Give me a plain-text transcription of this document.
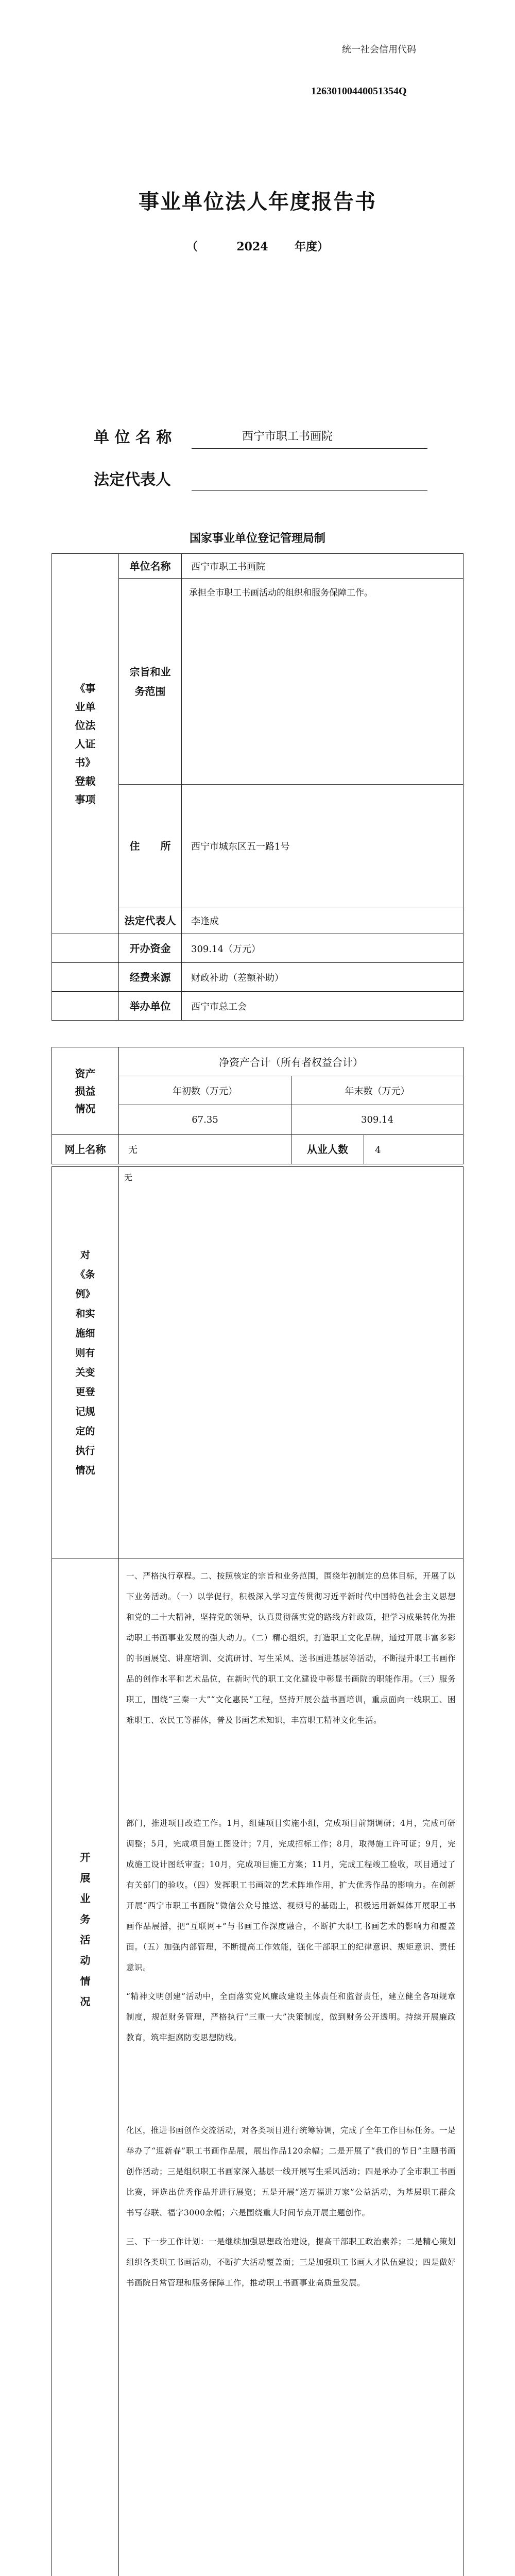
统一社会信用代码
12630100440051354Q
事业单位法人年度报告书
（	2024 年度）
单 位 名 称	西宁市职工书画院
法定代表人
国家事业单位登记管理局制
《事业单位法人证书》登载事项	单位名称	西宁市职工书画院

	宗旨和业务范围	承担全市职工书画活动的组织和服务保障工作。

	住　　所	西宁市城东区五一路1号
	法定代表人	李逢成
	开办资金	309.14（万元）
	经费来源	财政补助（差额补助）
	举办单位	西宁市总工会
资产损益情况	净资产合计（所有者权益合计）	
	年初数（万元）	年末数（万元）
	67.35	309.14
网上名称	无	从业人数 4
对《条例》和实施细则有关变更登记规定的执行情况	无

开展业务活动情况	一、严格执行章程。二、按照核定的宗旨和业务范围，围绕年初制定的总体目标，开展了以下业务活动。（一）以学促行，积极深入学习宣传贯彻习近平新时代中国特色社会主义思想和党的二十大精神，坚持党的领导，认真贯彻落实党的路线方针政策，把学习成果转化为推动职工书画事业发展的强大动力。（二）精心组织，打造职工文化品牌，通过开展丰富多彩的书画展览、讲座培训、交流研讨、写生采风、送书画进基层等活动，不断提升职工书画作品的创作水平和艺术品位，在新时代的职工文化建设中彰显书画院的职能作用。（三）服务职工，围绕“三秦一大”“文化惠民”工程，坚持开展公益书画培训，重点面向一线职工、困难职工、农民工等群体，普及书画艺术知识，丰富职工精神文化生活。
部门，推进项目改造工作。1月，组建项目实施小组，完成项目前期调研；4月，完成可研调整；5月，完成项目施工图设计；7月，完成招标工作；8月，取得施工许可证；9月，完成施工设计图纸审查；10月，完成项目施工方案；11月，完成工程竣工验收，项目通过了有关部门的验收。（四）发挥职工书画院的艺术阵地作用，扩大优秀作品的影响力。在创新开展“西宁市职工书画院”微信公众号推送、视频号的基础上，积极运用新媒体开展职工书画作品展播，把“互联网+”与书画工作深度融合，不断扩大职工书画艺术的影响力和覆盖面。（五）加强内部管理，不断提高工作效能，强化干部职工的纪律意识、规矩意识、责任意识。
“精神文明创建”活动中，全面落实党风廉政建设主体责任和监督责任，建立健全各项规章制度，规范财务管理，严格执行“三重一大”决策制度，做到财务公开透明。持续开展廉政教育，筑牢拒腐防变思想防线。
化区，推进书画创作交流活动，对各类项目进行统筹协调，完成了全年工作目标任务。一是举办了“迎新春”职工书画作品展，展出作品120余幅；二是开展了“我们的节日”主题书画创作活动；三是组织职工书画家深入基层一线开展写生采风活动；四是承办了全市职工书画比赛，评选出优秀作品并进行展览；五是开展“送万福进万家”公益活动，为基层职工群众书写春联、福字3000余幅；六是围绕重大时间节点开展主题创作。
三、下一步工作计划：一是继续加强思想政治建设，提高干部职工政治素养；二是精心策划组织各类职工书画活动，不断扩大活动覆盖面；三是加强职工书画人才队伍建设；四是做好书画院日常管理和服务保障工作，推动职工书画事业高质量发展。
